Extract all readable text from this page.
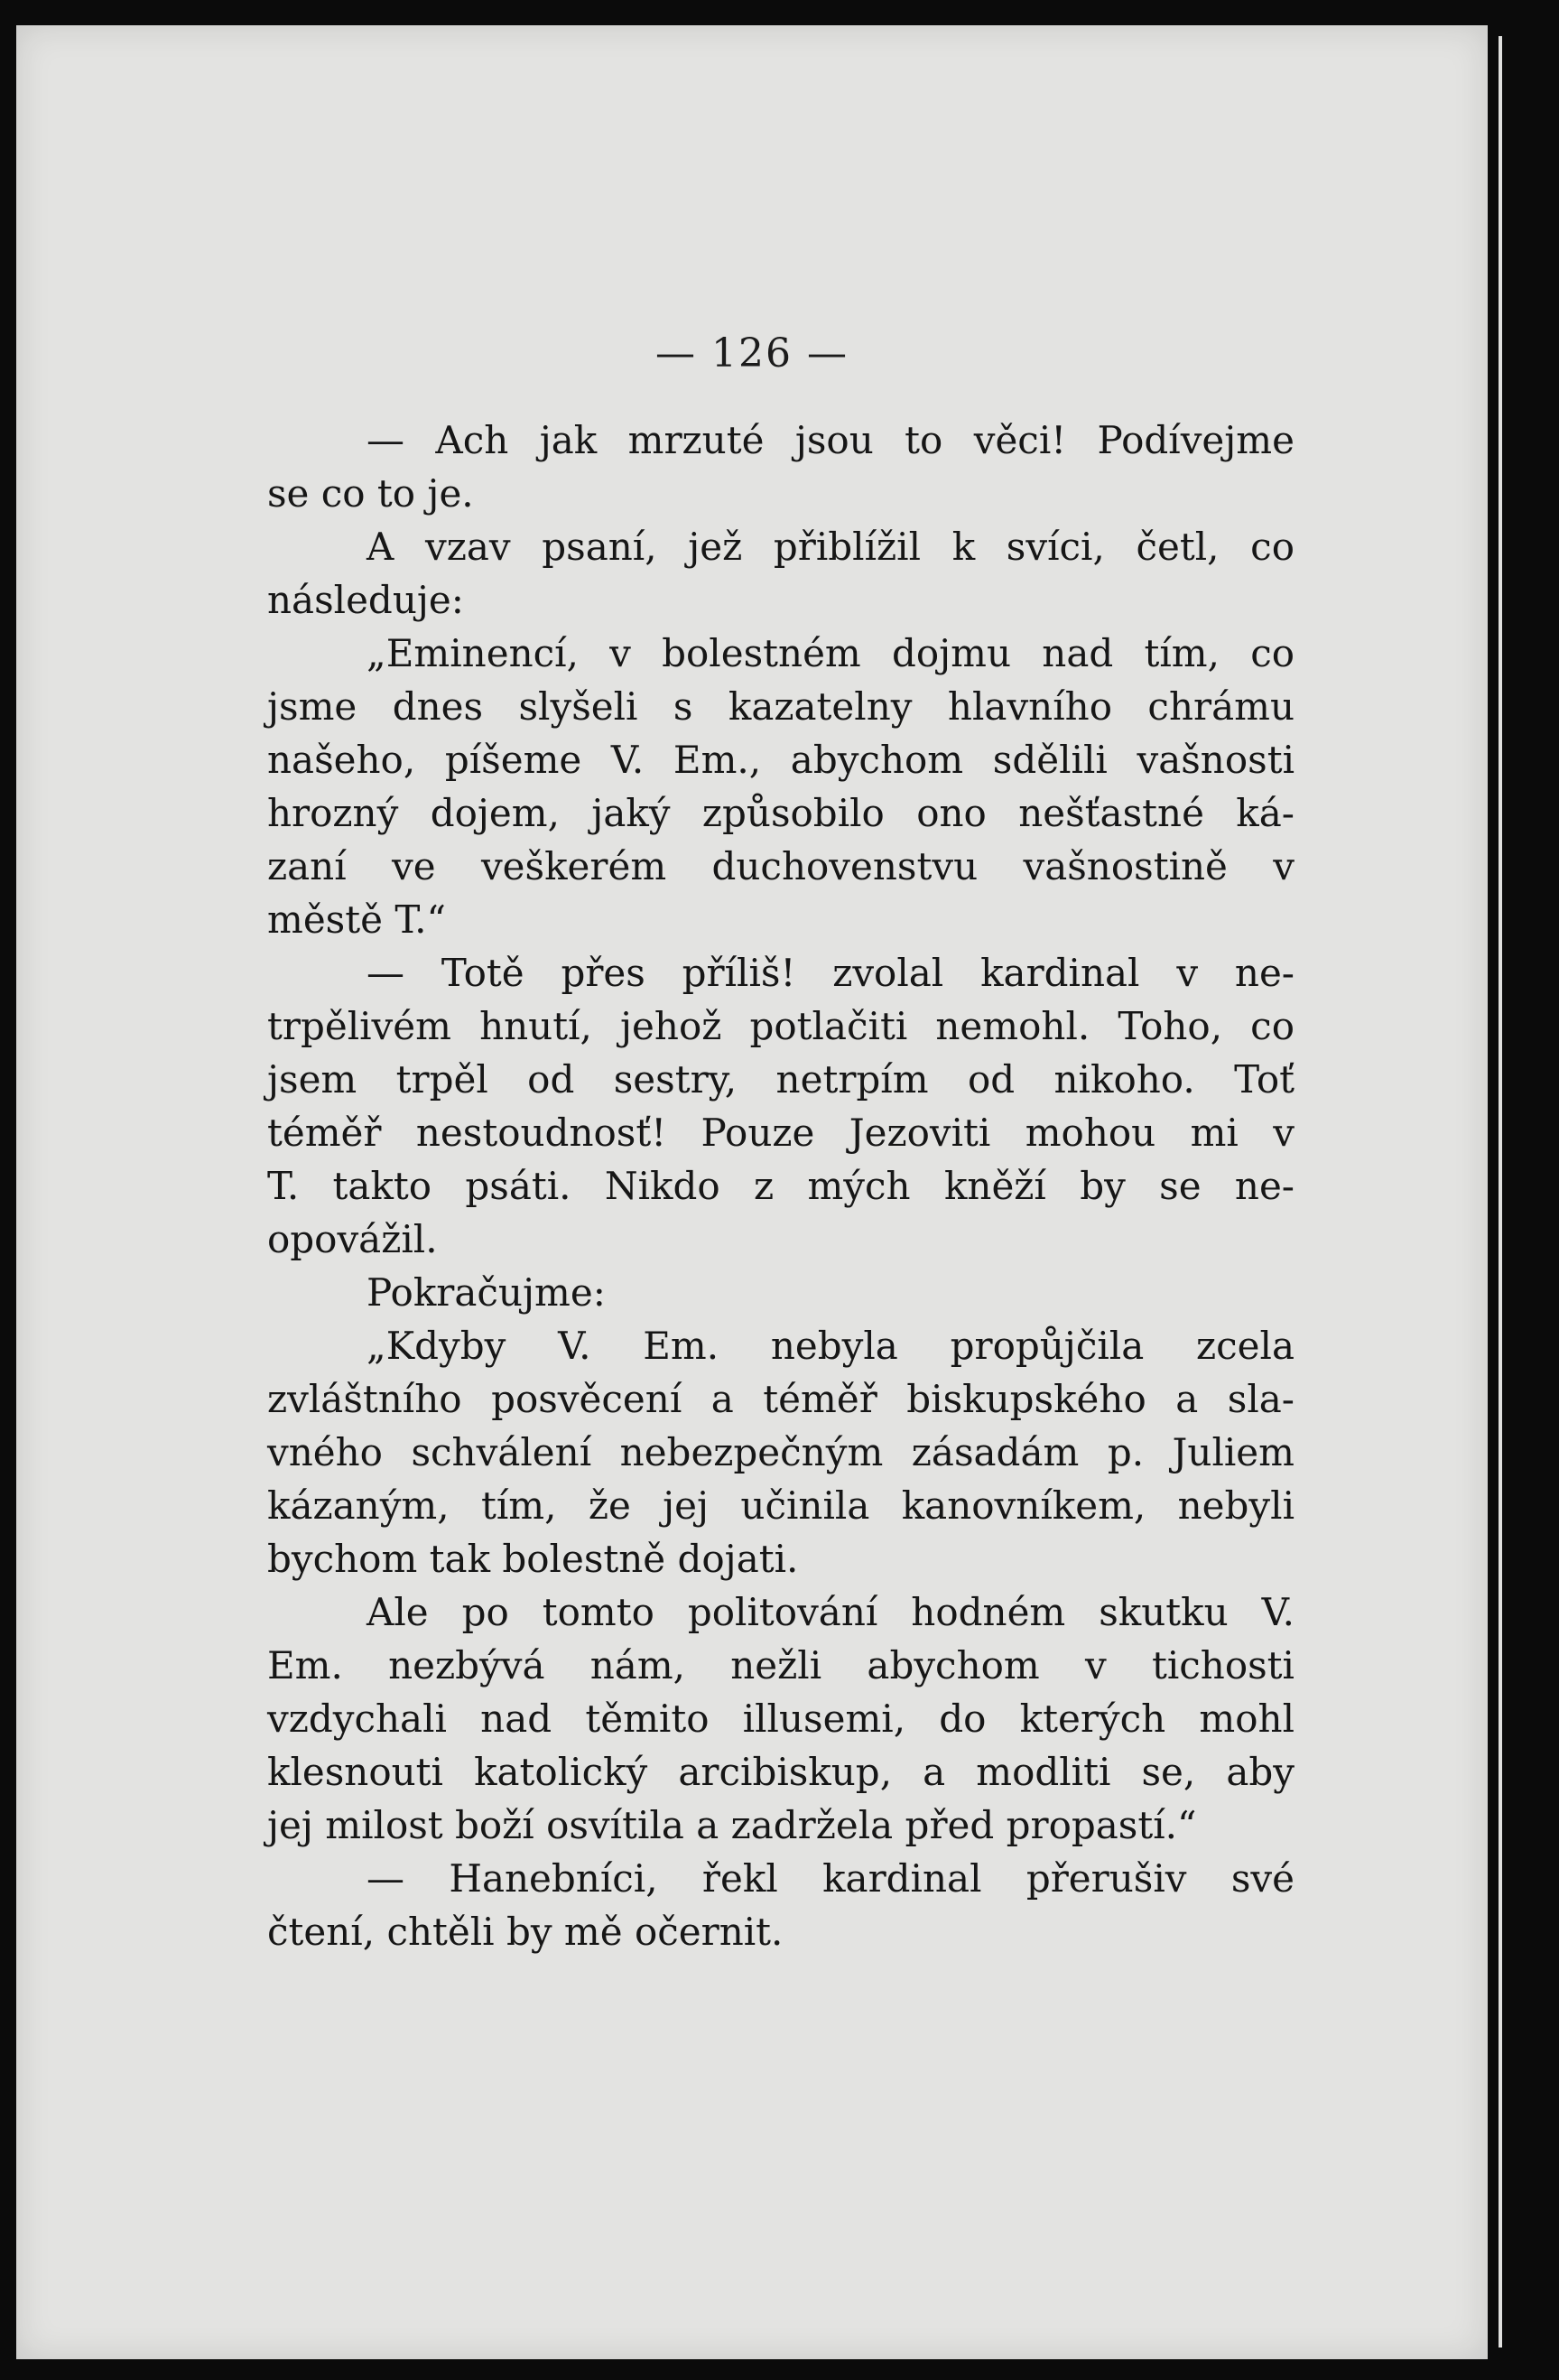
— 126 —
— Ach jak mrzuté jsou to věci! Podívejme
se co to je.
A vzav psaní, jež přiblížil k svíci, četl, co
následuje:
„Eminencí, v bolestném dojmu nad tím, co
jsme dnes slyšeli s kazatelny hlavního chrámu
našeho, píšeme V. Em., abychom sdělili vašnosti
hrozný dojem, jaký způsobilo ono nešťastné ká-
zaní ve veškerém duchovenstvu vašnostině v
městě T.“
— Totě přes příliš! zvolal kardinal v ne-
trpělivém hnutí, jehož potlačiti nemohl. Toho, co
jsem trpěl od sestry, netrpím od nikoho. Toť
téměř nestoudnosť! Pouze Jezoviti mohou mi v
T. takto psáti. Nikdo z mých kněží by se ne-
opovážil.
Pokračujme:
„Kdyby V. Em. nebyla propůjčila zcela
zvláštního posvěcení a téměř biskupského a sla-
vného schválení nebezpečným zásadám p. Juliem
kázaným, tím, že jej učinila kanovníkem, nebyli
bychom tak bolestně dojati.
Ale po tomto politování hodném skutku V.
Em. nezbývá nám, nežli abychom v tichosti
vzdychali nad těmito illusemi, do kterých mohl
klesnouti katolický arcibiskup, a modliti se, aby
jej milost boží osvítila a zadržela před propastí.“
— Hanebníci, řekl kardinal přerušiv své
čtení, chtěli by mě očernit.
